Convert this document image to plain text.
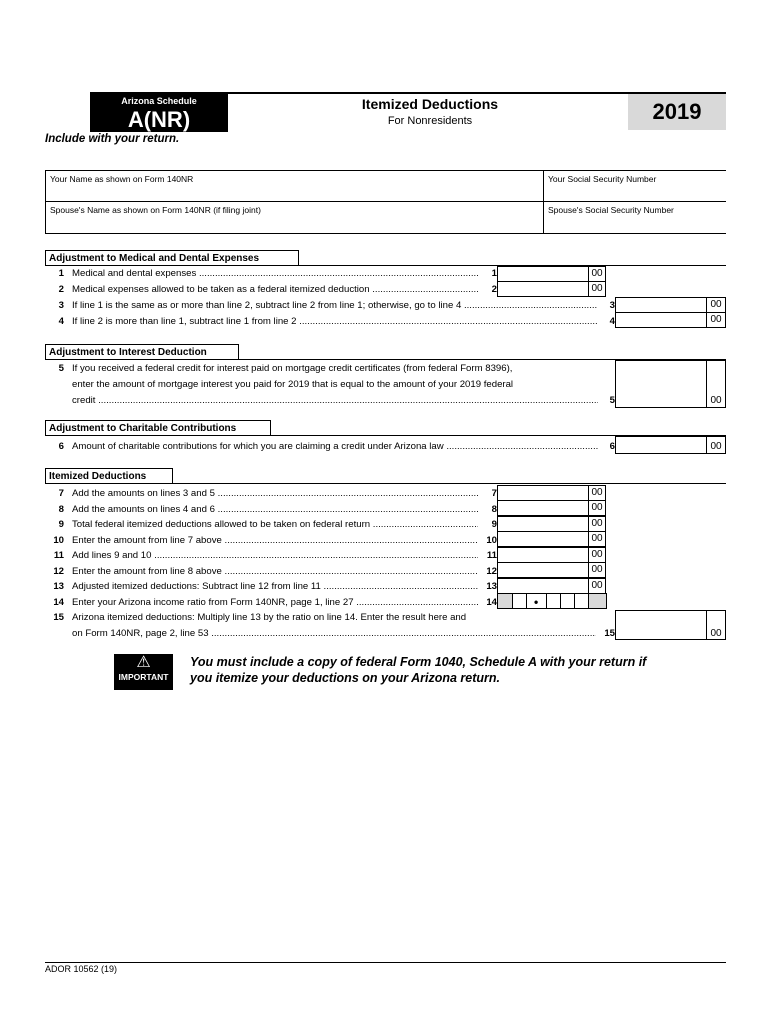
Arizona Schedule
A(NR)
Itemized Deductions
For Nonresidents	2019
Include with your return.
Your Name as shown on Form 140NR	Your Social Security Number
Spouse's Name as shown on Form 140NR (if filing joint)	Spouse's Social Security Number
Adjustment to Medical and Dental Expenses
1 Medical and dental expenses .....	1	00
2 Medical expenses allowed to be taken as a federal itemized deduction .....	2	00
3 If line 1 is the same as or more than line 2, subtract line 2 from line 1; otherwise, go to line 4 .....	3	00
4 If line 2 is more than line 1, subtract line 1 from line 2 .....	4	00
Adjustment to Interest Deduction
5 If you received a federal credit for interest paid on mortgage credit certificates (from federal Form 8396),
enter the amount of mortgage interest you paid for 2019 that is equal to the amount of your 2019 federal
credit .....	5	00
Adjustment to Charitable Contributions
6 Amount of charitable contributions for which you are claiming a credit under Arizona law .....	6	00
Itemized Deductions
7 Add the amounts on lines 3 and 5 .....	7	00
8 Add the amounts on lines 4 and 6 .....	8	00
9 Total federal itemized deductions allowed to be taken on federal return .....	9	00
10 Enter the amount from line 7 above .....	10	00
11 Add lines 9 and 10 .....	11	00
12 Enter the amount from line 8 above .....	12	00
13 Adjusted itemized deductions: Subtract line 12 from line 11 .....	13	00
14 Enter your Arizona income ratio from Form 140NR, page 1, line 27 .....	14	•
15 Arizona itemized deductions: Multiply line 13 by the ratio on line 14. Enter the result here and
on Form 140NR, page 2, line 53 .....	15	00
⚠
IMPORTANT
You must include a copy of federal Form 1040, Schedule A with your return if you itemize your deductions on your Arizona return.
ADOR 10562 (19)
